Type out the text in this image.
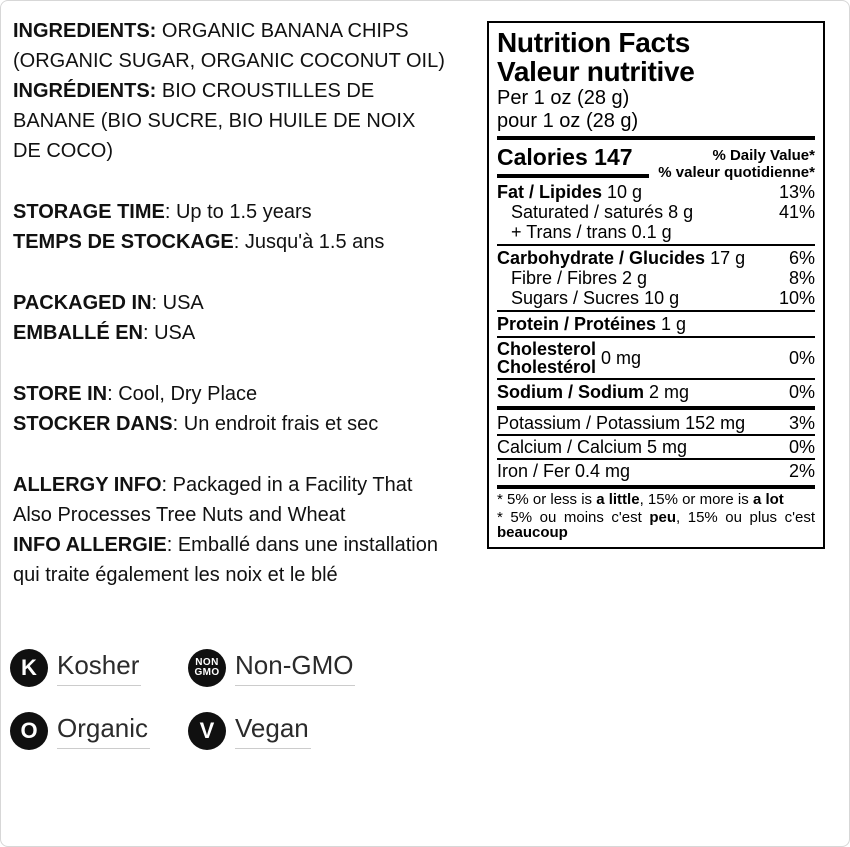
INGREDIENTS: ORGANIC BANANA CHIPS
(ORGANIC SUGAR, ORGANIC COCONUT OIL)
INGRÉDIENTS: BIO CROUSTILLES DE
BANANE (BIO SUCRE, BIO HUILE DE NOIX
DE COCO)
STORAGE TIME: Up to 1.5 years
TEMPS DE STOCKAGE: Jusqu'à 1.5 ans
PACKAGED IN: USA
EMBALLÉ EN: USA
STORE IN: Cool, Dry Place
STOCKER DANS: Un endroit frais et sec
ALLERGY INFO: Packaged in a Facility That
Also Processes Tree Nuts and Wheat
INFO ALLERGIE: Emballé dans une installation
qui traite également les noix et le blé
Nutrition Facts
Valeur nutritive
Per 1 oz (28 g)
pour 1 oz (28 g)
Calories 147	% Daily Value*
% valeur quotidienne*
Fat / Lipides 10 g	13%
Saturated / saturés 8 g	41%
+ Trans / trans 0.1 g
Carbohydrate / Glucides 17 g 6%
Fibre / Fibres 2 g	8%
Sugars / Sucres 10 g	10%
Protein / Protéines 1 g
Cholesterol
Cholestérol 0 mg	0%
Sodium / Sodium 2 mg	0%
Potassium / Potassium 152 mg 3%
Calcium / Calcium 5 mg	0%
Iron / Fer 0.4 mg	2%
* 5% or less is a little, 15% or more is a lot
* 5% ou moins c'est peu, 15% ou plus c'est beaucoup
K Kosher	NON
GMO Non-GMO
O Organic V Vegan
